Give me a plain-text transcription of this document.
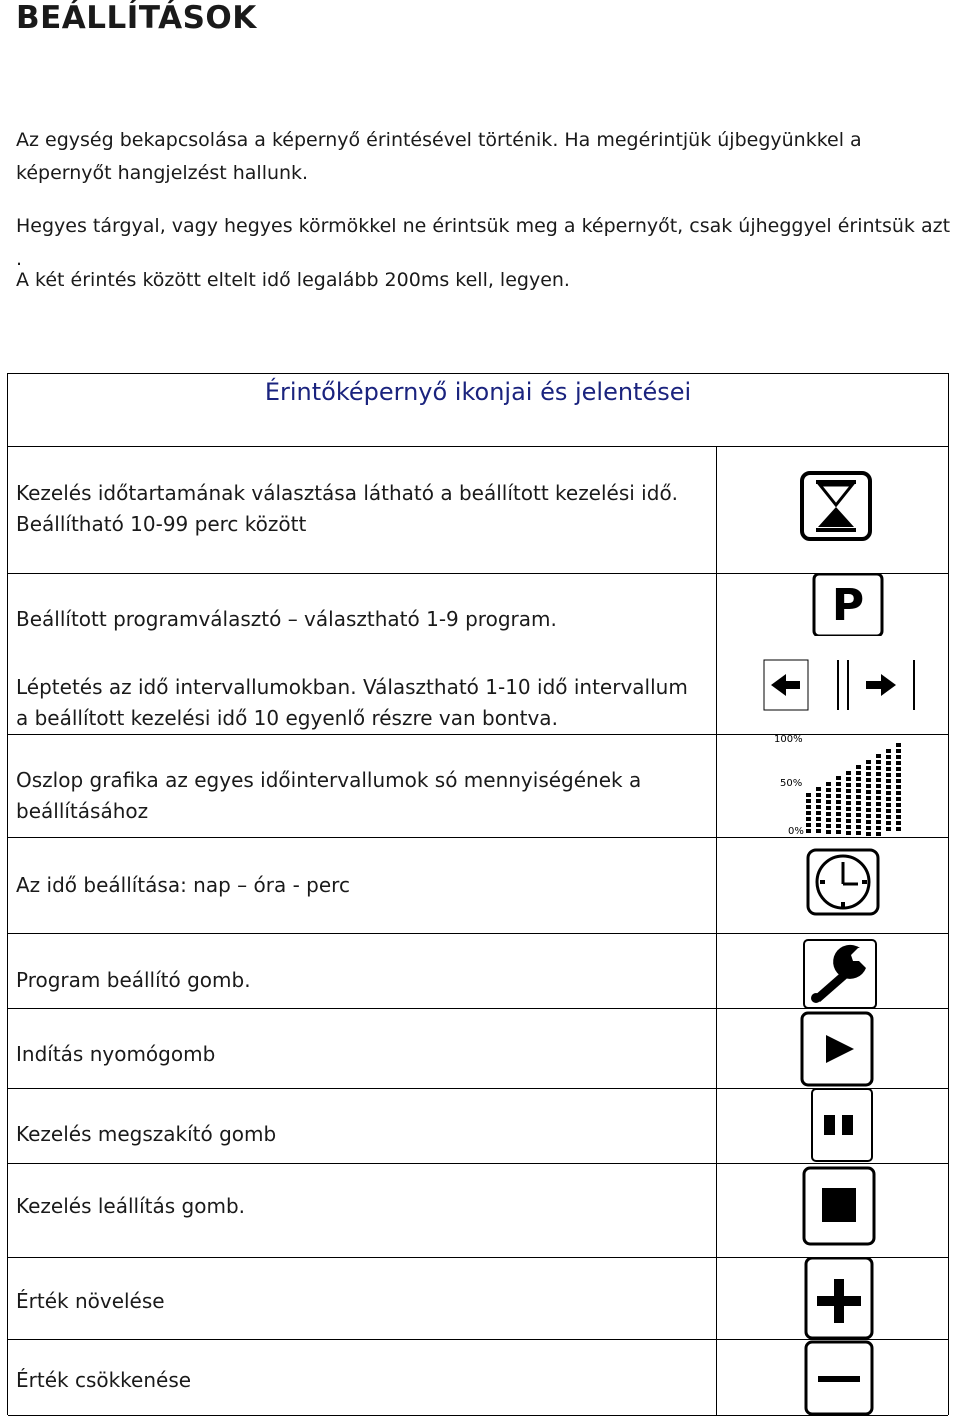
BEÁLLÍTÁSOK
Az egység bekapcsolása a képernyő érintésével történik. Ha megérintjük újbegyünkkel a képernyőt hangjelzést hallunk.
Hegyes tárgyal, vagy hegyes körmökkel ne érintsük meg a képernyőt, csak újheggyel érintsük azt .
A két érintés között eltelt idő legalább 200ms kell, legyen.
Érintőképernyő ikonjai és jelentései
Kezelés időtartamának választása látható a beállított kezelési idő. Beállítható 10-99 perc között
Beállított programválasztó – választható 1-9 program.	P
Léptetés az idő intervallumokban. Választható 1-10 idő intervallum a beállított kezelési idő 10 egyenlő részre van bontva.
Oszlop grafika az egyes időintervallumok só mennyiségének a beállításához
100%
50%
0%
Az idő beállítása: nap – óra - perc
Program beállító gomb.
Indítás nyomógomb
Kezelés megszakító gomb
Kezelés leállítás gomb.
Érték növelése
Érték csökkenése
